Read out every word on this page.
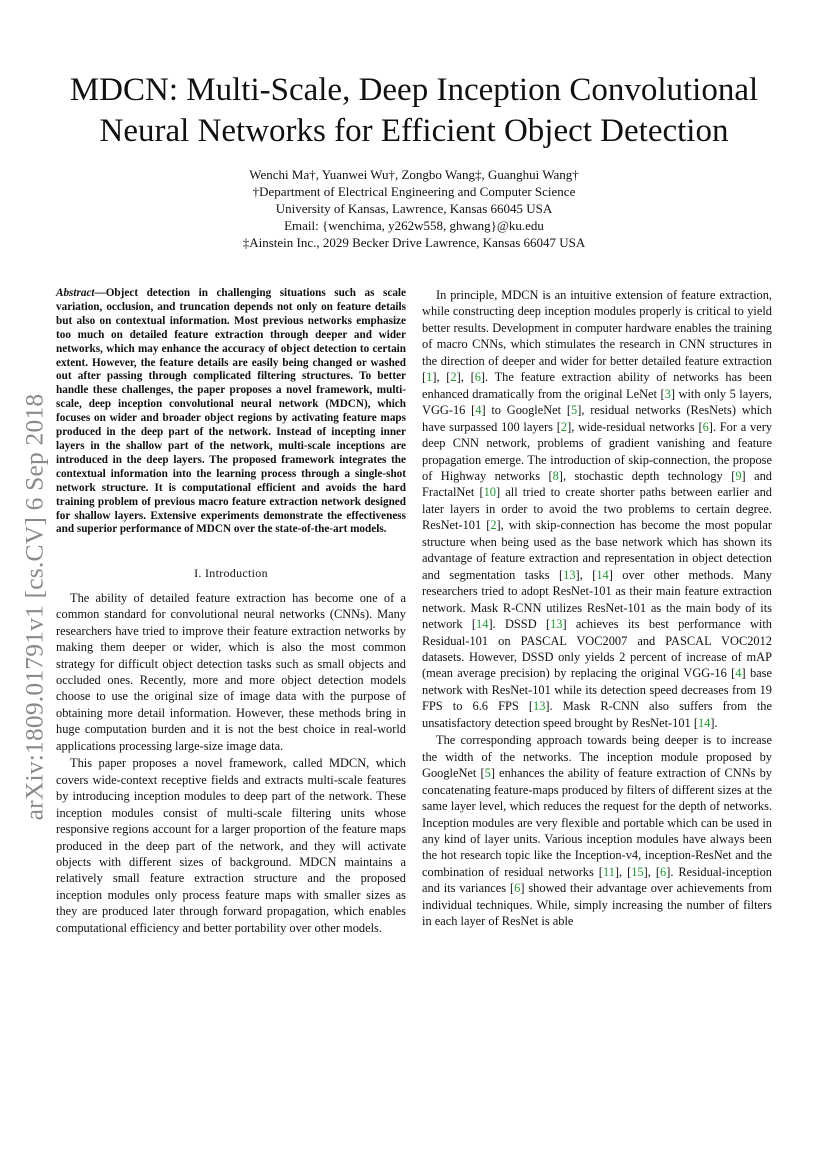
MDCN: Multi-Scale, Deep Inception Convolutional
Neural Networks for Efficient Object Detection
Wenchi Ma†, Yuanwei Wu†, Zongbo Wang‡, Guanghui Wang†
†Department of Electrical Engineering and Computer Science
University of Kansas, Lawrence, Kansas 66045 USA
Email: {wenchima, y262w558, ghwang}@ku.edu
‡Ainstein Inc., 2029 Becker Drive Lawrence, Kansas 66047 USA
arXiv:1809.01791v1 [cs.CV] 6 Sep 2018
Abstract—Object detection in challenging situations such as scale variation, occlusion, and truncation depends not only on feature details but also on contextual information. Most previous networks emphasize too much on detailed feature extraction through deeper and wider networks, which may enhance the accuracy of object detection to certain extent. However, the feature details are easily being changed or washed out after passing through complicated filtering structures. To better handle these challenges, the paper proposes a novel framework, multi-scale, deep inception convolutional neural network (MDCN), which focuses on wider and broader object regions by activating feature maps produced in the deep part of the network. Instead of incepting inner layers in the shallow part of the network, multi-scale inceptions are introduced in the deep layers. The proposed framework integrates the contextual information into the learning process through a single-shot network structure. It is computational efficient and avoids the hard training problem of previous macro feature extraction network designed for shallow layers. Extensive experiments demonstrate the effectiveness and superior performance of MDCN over the state-of-the-art models.
I. Introduction

The ability of detailed feature extraction has become one of a common standard for convolutional neural networks (CNNs). Many researchers have tried to improve their feature extraction networks by making them deeper or wider, which is also the most common strategy for difficult object detection tasks such as small objects and occluded ones. Recently, more and more object detection models choose to use the original size of image data with the purpose of obtaining more detail information. However, these methods bring in huge computation burden and it is not the best choice in real-world applications processing large-size image data.

This paper proposes a novel framework, called MDCN, which covers wide-context receptive fields and extracts multi-scale features by introducing inception modules to deep part of the network. These inception modules consist of multi-scale filtering units whose responsive regions account for a larger proportion of the feature maps produced in the deep part of the network, and they will activate objects with different sizes of background. MDCN maintains a relatively small feature extraction structure and the proposed inception modules only process feature maps with smaller sizes as they are produced later through forward propagation, which enables computational efficiency and better portability over other models.

In principle, MDCN is an intuitive extension of feature extraction, while constructing deep inception modules properly is critical to yield better results. Development in computer hardware enables the training of macro CNNs, which stimulates the research in CNN structures in the direction of deeper and wider for better detailed feature extraction [1], [2], [6]. The feature extraction ability of networks has been enhanced dramatically from the original LeNet [3] with only 5 layers, VGG-16 [4] to GoogleNet [5], residual networks (ResNets) which have surpassed 100 layers [2], wide-residual networks [6]. For a very deep CNN network, problems of gradient vanishing and feature propagation emerge. The introduction of skip-connection, the propose of Highway networks [8], stochastic depth technology [9] and FractalNet [10] all tried to create shorter paths between earlier and later layers in order to avoid the two problems to certain degree. ResNet-101 [2], with skip-connection has become the most popular structure when being used as the base network which has shown its advantage of feature extraction and representation in object detection and segmentation tasks [13], [14] over other methods. Many researchers tried to adopt ResNet-101 as their main feature extraction network. Mask R-CNN utilizes ResNet-101 as the main body of its network [14]. DSSD [13] achieves its best performance with Residual-101 on PASCAL VOC2007 and PASCAL VOC2012 datasets. However, DSSD only yields 2 percent of increase of mAP (mean average precision) by replacing the original VGG-16 [4] base network with ResNet-101 while its detection speed decreases from 19 FPS to 6.6 FPS [13]. Mask R-CNN also suffers from the unsatisfactory detection speed brought by ResNet-101 [14].

The corresponding approach towards being deeper is to increase the width of the networks. The inception module proposed by GoogleNet [5] enhances the ability of feature extraction of CNNs by concatenating feature-maps produced by filters of different sizes at the same layer level, which reduces the request for the depth of networks. Inception modules are very flexible and portable which can be used in any kind of layer units. Various inception modules have always been the hot research topic like the Inception-v4, inception-ResNet and the combination of residual networks [11], [15], [6]. Residual-inception and its variances [6] showed their advantage over achievements from individual techniques. While, simply increasing the number of filters in each layer of ResNet is able
